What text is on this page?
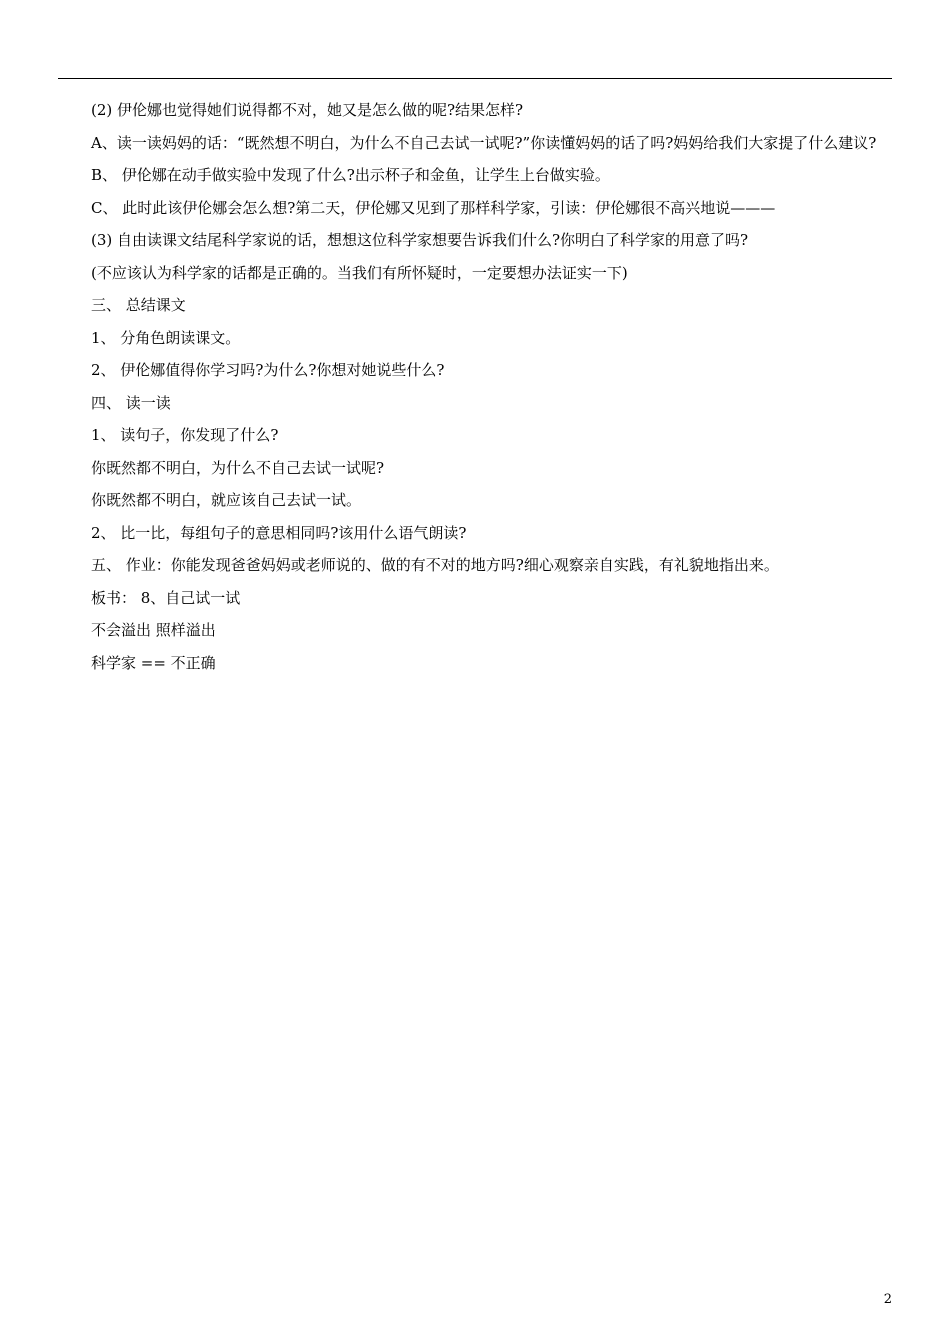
(2) 伊伦娜也觉得她们说得都不对，她又是怎么做的呢?结果怎样?

A、读一读妈妈的话：“既然想不明白，为什么不自己去试一试呢?”你读懂妈妈的话了吗?妈妈给我们大家提了什么建议?

B、 伊伦娜在动手做实验中发现了什么?出示杯子和金鱼，让学生上台做实验。

C、 此时此该伊伦娜会怎么想?第二天，伊伦娜又见到了那样科学家，引读：伊伦娜很不高兴地说———

(3) 自由读课文结尾科学家说的话，想想这位科学家想要告诉我们什么?你明白了科学家的用意了吗?

(不应该认为科学家的话都是正确的。当我们有所怀疑时，一定要想办法证实一下)

三、 总结课文

1、 分角色朗读课文。

2、 伊伦娜值得你学习吗?为什么?你想对她说些什么?

四、 读一读

1、 读句子，你发现了什么?

你既然都不明白，为什么不自己去试一试呢?

你既然都不明白，就应该自己去试一试。

2、 比一比，每组句子的意思相同吗?该用什么语气朗读?

五、 作业：你能发现爸爸妈妈或老师说的、做的有不对的地方吗?细心观察亲自实践，有礼貌地指出来。

板书： 8、自己试一试

不会溢出 照样溢出

科学家 == 不正确

2
